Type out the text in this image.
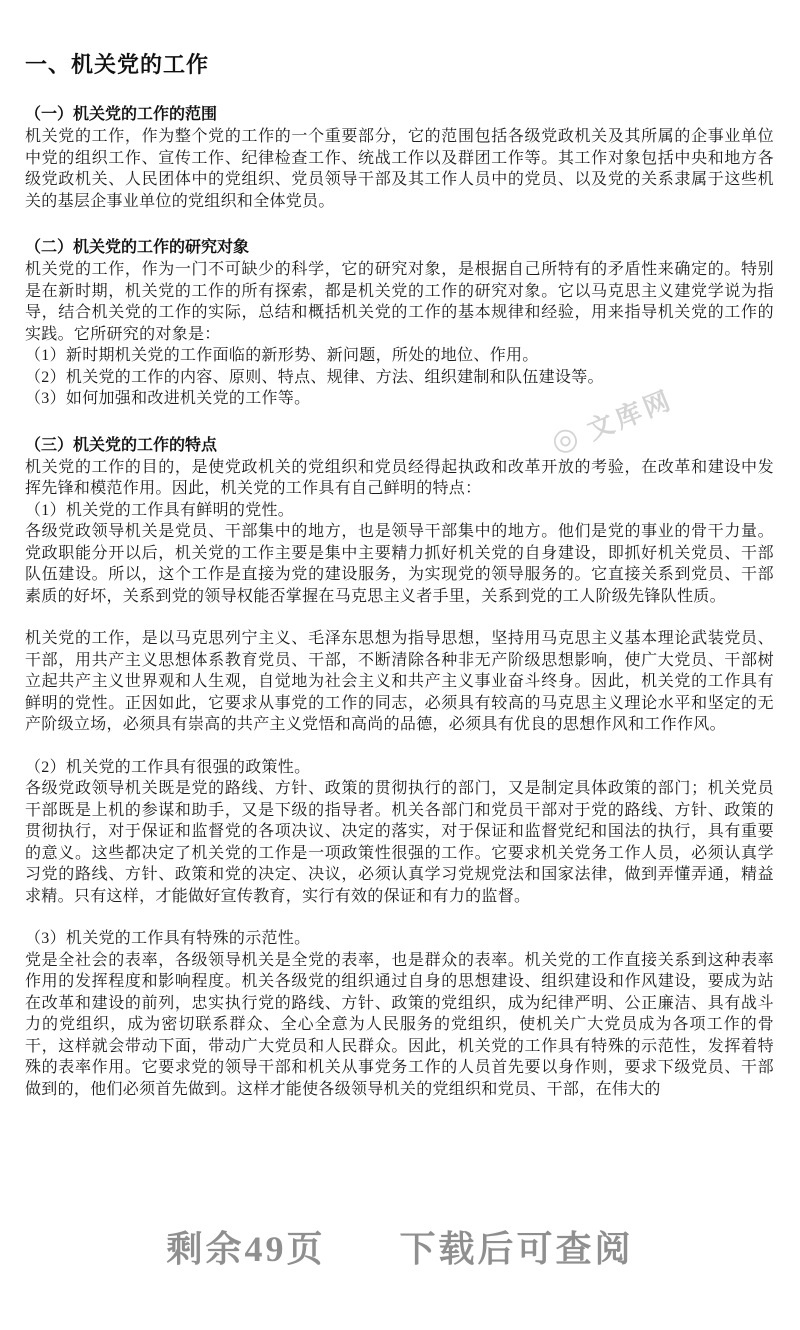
一、机关党的工作
（一）机关党的工作的范围

机关党的工作，作为整个党的工作的一个重要部分，它的范围包括各级党政机关及其所属的企事业单位中党的组织工作、宣传工作、纪律检查工作、统战工作以及群团工作等。其工作对象包括中央和地方各级党政机关、人民团体中的党组织、党员领导干部及其工作人员中的党员、以及党的关系隶属于这些机关的基层企事业单位的党组织和全体党员。

（二）机关党的工作的研究对象

机关党的工作，作为一门不可缺少的科学，它的研究对象，是根据自己所特有的矛盾性来确定的。特别是在新时期，机关党的工作的所有探索，都是机关党的工作的研究对象。它以马克思主义建党学说为指导，结合机关党的工作的实际，总结和概括机关党的工作的基本规律和经验，用来指导机关党的工作的实践。它所研究的对象是：

（1）新时期机关党的工作面临的新形势、新问题，所处的地位、作用。

（2）机关党的工作的内容、原则、特点、规律、方法、组织建制和队伍建设等。

（3）如何加强和改进机关党的工作等。

（三）机关党的工作的特点

机关党的工作的目的，是使党政机关的党组织和党员经得起执政和改革开放的考验，在改革和建设中发挥先锋和模范作用。因此，机关党的工作具有自己鲜明的特点：

（1）机关党的工作具有鲜明的党性。

各级党政领导机关是党员、干部集中的地方，也是领导干部集中的地方。他们是党的事业的骨干力量。党政职能分开以后，机关党的工作主要是集中主要精力抓好机关党的自身建设，即抓好机关党员、干部队伍建设。所以，这个工作是直接为党的建设服务，为实现党的领导服务的。它直接关系到党员、干部素质的好坏，关系到党的领导权能否掌握在马克思主义者手里，关系到党的工人阶级先锋队性质。

机关党的工作，是以马克思列宁主义、毛泽东思想为指导思想，坚持用马克思主义基本理论武装党员、干部，用共产主义思想体系教育党员、干部，不断清除各种非无产阶级思想影响，使广大党员、干部树立起共产主义世界观和人生观，自觉地为社会主义和共产主义事业奋斗终身。因此，机关党的工作具有鲜明的党性。正因如此，它要求从事党的工作的同志，必须具有较高的马克思主义理论水平和坚定的无产阶级立场，必须具有崇高的共产主义党悟和高尚的品德，必须具有优良的思想作风和工作作风。

（2）机关党的工作具有很强的政策性。

各级党政领导机关既是党的路线、方针、政策的贯彻执行的部门，又是制定具体政策的部门；机关党员干部既是上机的参谋和助手，又是下级的指导者。机关各部门和党员干部对于党的路线、方针、政策的贯彻执行，对于保证和监督党的各项决议、决定的落实，对于保证和监督党纪和国法的执行，具有重要的意义。这些都决定了机关党的工作是一项政策性很强的工作。它要求机关党务工作人员，必须认真学习党的路线、方针、政策和党的决定、决议，必须认真学习党规党法和国家法律，做到弄懂弄通，精益求精。只有这样，才能做好宣传教育，实行有效的保证和有力的监督。

（3）机关党的工作具有特殊的示范性。

党是全社会的表率，各级领导机关是全党的表率，也是群众的表率。机关党的工作直接关系到这种表率作用的发挥程度和影响程度。机关各级党的组织通过自身的思想建设、组织建设和作风建设，要成为站在改革和建设的前列，忠实执行党的路线、方针、政策的党组织，成为纪律严明、公正廉洁、具有战斗力的党组织，成为密切联系群众、全心全意为人民服务的党组织，使机关广大党员成为各项工作的骨干，这样就会带动下面，带动广大党员和人民群众。因此，机关党的工作具有特殊的示范性，发挥着特殊的表率作用。它要求党的领导干部和机关从事党务工作的人员首先要以身作则，要求下级党员、干部做到的，他们必须首先做到。这样才能使各级领导机关的党组织和党员、干部，在伟大的

◎
文库网
剩余49页 下载后可查阅
